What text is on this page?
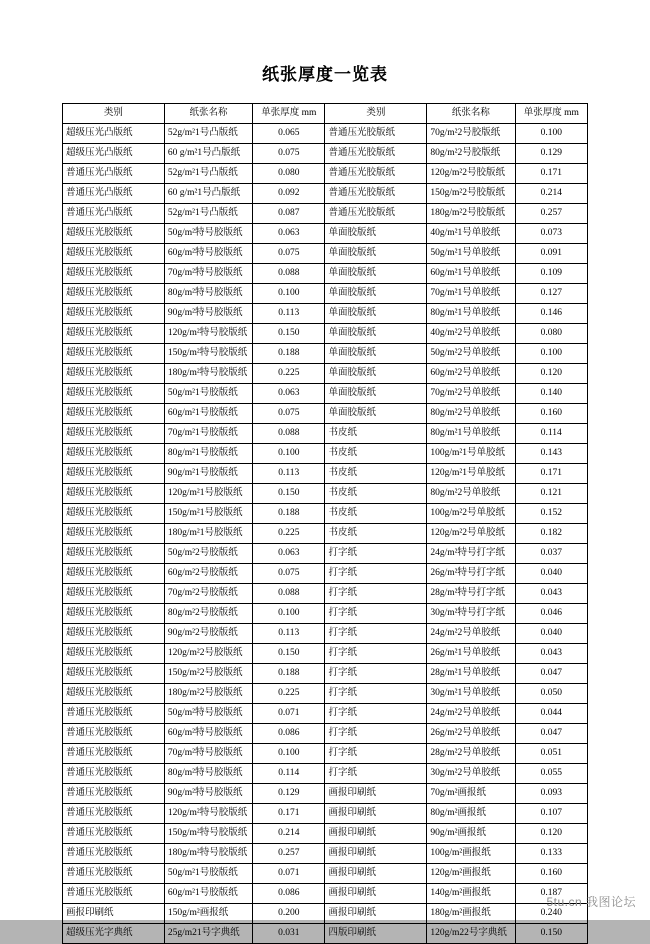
纸张厚度一览表
类别	纸张名称	单张厚度 mm	类别	纸张名称	单张厚度 mm
超级压光凸版纸	52g/m²1号凸版纸	0.065	普通压光胶版纸	70g/m²2号胶版纸	0.100
超级压光凸版纸	60 g/m²1号凸版纸	0.075	普通压光胶版纸	80g/m²2号胶版纸	0.129
普通压光凸版纸	52g/m²1号凸版纸	0.080	普通压光胶版纸	120g/m²2号胶版纸	0.171
普通压光凸版纸	60 g/m²1号凸版纸	0.092	普通压光胶版纸	150g/m²2号胶版纸	0.214
普通压光凸版纸	52g/m²1号凸版纸	0.087	普通压光胶版纸	180g/m²2号胶版纸	0.257
超级压光胶版纸	50g/m²特号胶版纸	0.063	单面胶版纸	40g/m²1号单胶纸	0.073
超级压光胶版纸	60g/m²特号胶版纸	0.075	单面胶版纸	50g/m²1号单胶纸	0.091
超级压光胶版纸	70g/m²特号胶版纸	0.088	单面胶版纸	60g/m²1号单胶纸	0.109
超级压光胶版纸	80g/m²特号胶版纸	0.100	单面胶版纸	70g/m²1号单胶纸	0.127
超级压光胶版纸	90g/m²特号胶版纸	0.113	单面胶版纸	80g/m²1号单胶纸	0.146
超级压光胶版纸	120g/m²特号胶版纸	0.150	单面胶版纸	40g/m²2号单胶纸	0.080
超级压光胶版纸	150g/m²特号胶版纸	0.188	单面胶版纸	50g/m²2号单胶纸	0.100
超级压光胶版纸	180g/m²特号胶版纸	0.225	单面胶版纸	60g/m²2号单胶纸	0.120
超级压光胶版纸	50g/m²1号胶版纸	0.063	单面胶版纸	70g/m²2号单胶纸	0.140
超级压光胶版纸	60g/m²1号胶版纸	0.075	单面胶版纸	80g/m²2号单胶纸	0.160
超级压光胶版纸	70g/m²1号胶版纸	0.088	书皮纸	80g/m²1号单胶纸	0.114
超级压光胶版纸	80g/m²1号胶版纸	0.100	书皮纸	100g/m²1号单胶纸	0.143
超级压光胶版纸	90g/m²1号胶版纸	0.113	书皮纸	120g/m²1号单胶纸	0.171
超级压光胶版纸	120g/m²1号胶版纸	0.150	书皮纸	80g/m²2号单胶纸	0.121
超级压光胶版纸	150g/m²1号胶版纸	0.188	书皮纸	100g/m²2号单胶纸	0.152
超级压光胶版纸	180g/m²1号胶版纸	0.225	书皮纸	120g/m²2号单胶纸	0.182
超级压光胶版纸	50g/m²2号胶版纸	0.063	打字纸	24g/m²特号打字纸	0.037
超级压光胶版纸	60g/m²2号胶版纸	0.075	打字纸	26g/m²特号打字纸	0.040
超级压光胶版纸	70g/m²2号胶版纸	0.088	打字纸	28g/m²特号打字纸	0.043
超级压光胶版纸	80g/m²2号胶版纸	0.100	打字纸	30g/m²特号打字纸	0.046
超级压光胶版纸	90g/m²2号胶版纸	0.113	打字纸	24g/m²2号单胶纸	0.040
超级压光胶版纸	120g/m²2号胶版纸	0.150	打字纸	26g/m²1号单胶纸	0.043
超级压光胶版纸	150g/m²2号胶版纸	0.188	打字纸	28g/m²1号单胶纸	0.047
超级压光胶版纸	180g/m²2号胶版纸	0.225	打字纸	30g/m²1号单胶纸	0.050
普通压光胶版纸	50g/m²特号胶版纸	0.071	打字纸	24g/m²2号单胶纸	0.044
普通压光胶版纸	60g/m²特号胶版纸	0.086	打字纸	26g/m²2号单胶纸	0.047
普通压光胶版纸	70g/m²特号胶版纸	0.100	打字纸	28g/m²2号单胶纸	0.051
普通压光胶版纸	80g/m²特号胶版纸	0.114	打字纸	30g/m²2号单胶纸	0.055
普通压光胶版纸	90g/m²特号胶版纸	0.129	画报印刷纸	70g/m²画报纸	0.093
普通压光胶版纸	120g/m²特号胶版纸	0.171	画报印刷纸	80g/m²画报纸	0.107
普通压光胶版纸	150g/m²特号胶版纸	0.214	画报印刷纸	90g/m²画报纸	0.120
普通压光胶版纸	180g/m²特号胶版纸	0.257	画报印刷纸	100g/m²画报纸	0.133
普通压光胶版纸	50g/m²1号胶版纸	0.071	画报印刷纸	120g/m²画报纸	0.160
普通压光胶版纸	60g/m²1号胶版纸	0.086	画报印刷纸	140g/m²画报纸	0.187
画报印刷纸	150g/m²画报纸	0.200	画报印刷纸	180g/m²画报纸	0.240
超级压光字典纸	25g/m21号字典纸	0.031	四版印刷纸	120g/m22号字典纸	0.150
5tu.cn 我图论坛
